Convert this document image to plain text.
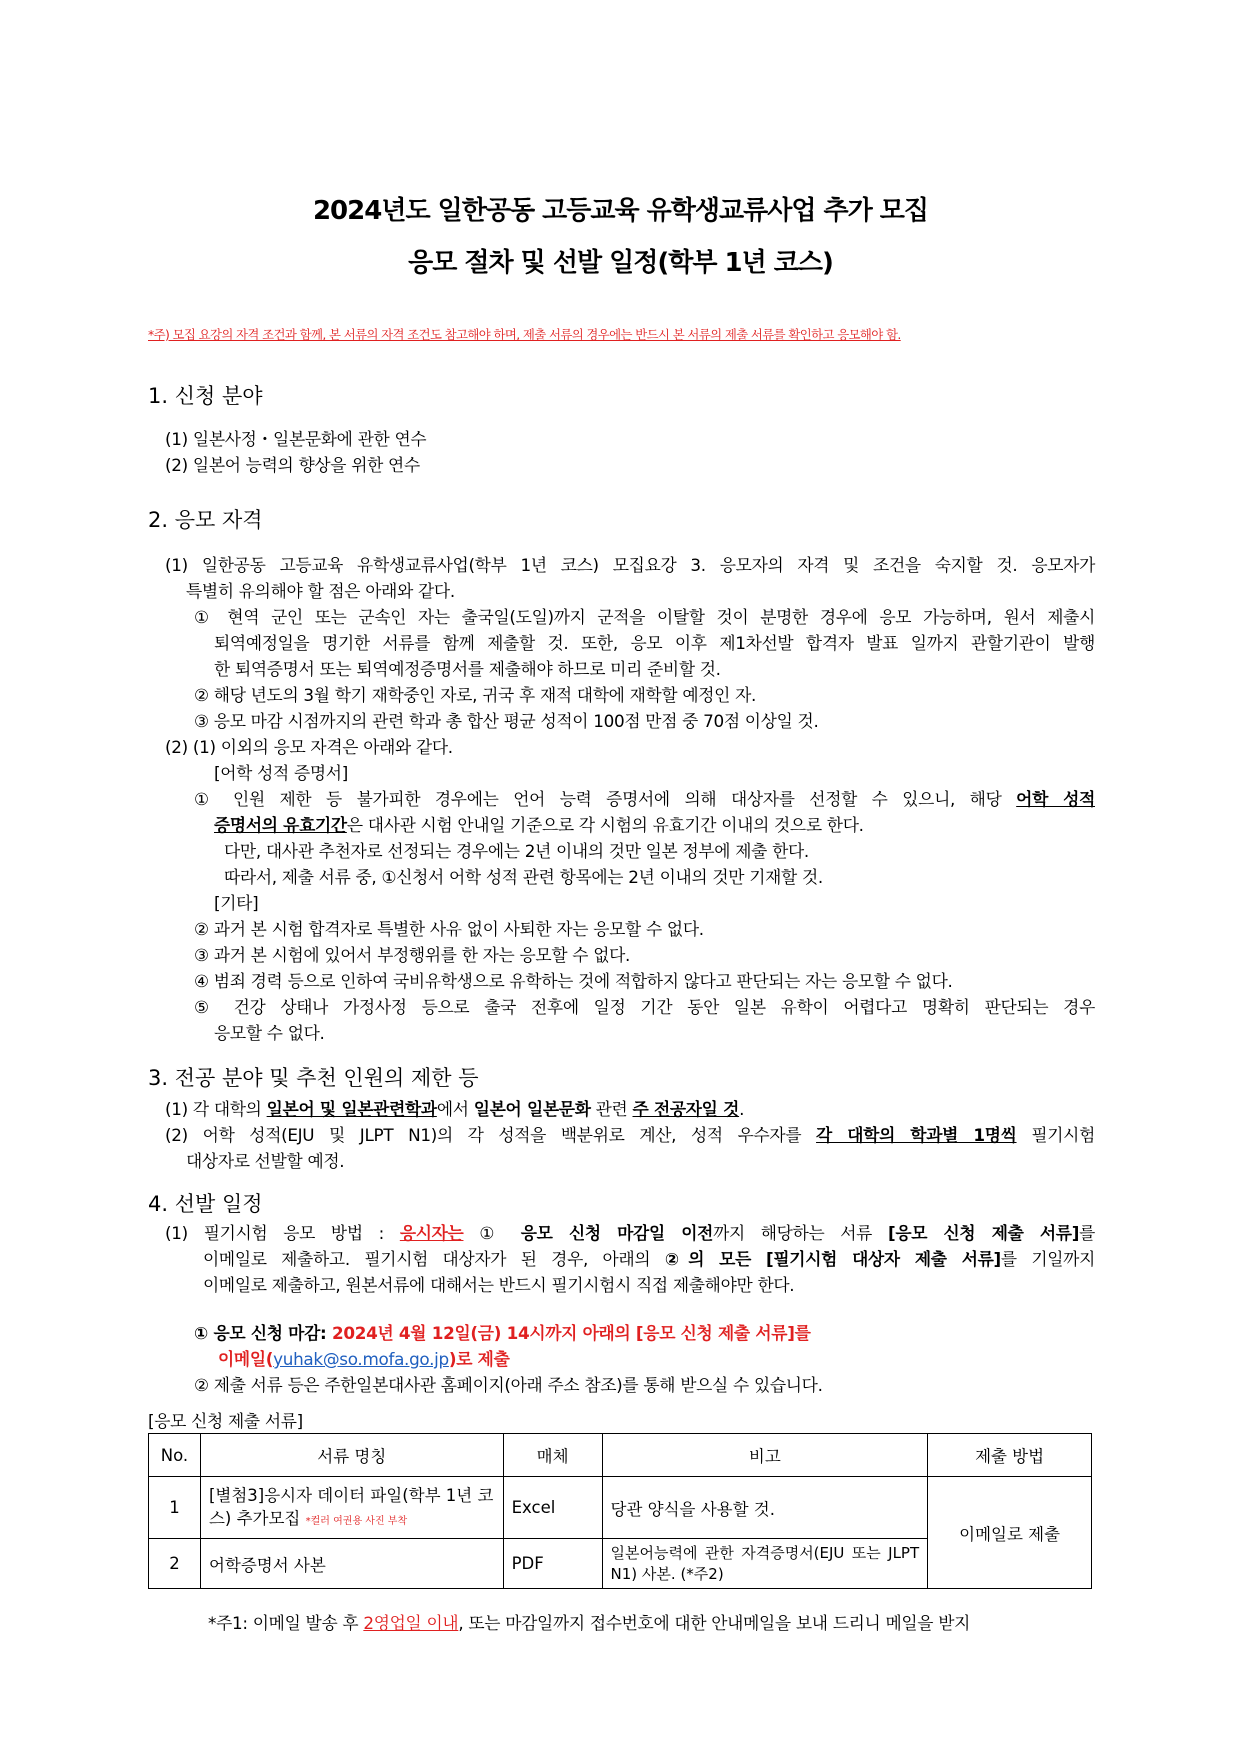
2024년도 일한공동 고등교육 유학생교류사업 추가 모집
응모 절차 및 선발 일정(학부 1년 코스)
*주) 모집 요강의 자격 조건과 함께, 본 서류의 자격 조건도 참고해야 하며, 제출 서류의 경우에는 반드시 본 서류의 제출 서류를 확인하고 응모해야 함.
1. 신청 분야
(1) 일본사정・일본문화에 관한 연수
(2) 일본어 능력의 향상을 위한 연수
2. 응모 자격
(1) 일한공동 고등교육 유학생교류사업(학부 1년 코스) 모집요강 3. 응모자의 자격 및 조건을 숙지할 것. 응모자가
특별히 유의해야 할 점은 아래와 같다.
① 현역 군인 또는 군속인 자는 출국일(도일)까지 군적을 이탈할 것이 분명한 경우에 응모 가능하며, 원서 제출시
퇴역예정일을 명기한 서류를 함께 제출할 것. 또한, 응모 이후 제1차선발 합격자 발표 일까지 관할기관이 발행
한 퇴역증명서 또는 퇴역예정증명서를 제출해야 하므로 미리 준비할 것.
② 해당 년도의 3월 학기 재학중인 자로, 귀국 후 재적 대학에 재학할 예정인 자.
③ 응모 마감 시점까지의 관련 학과 총 합산 평균 성적이 100점 만점 중 70점 이상일 것.
(2) (1) 이외의 응모 자격은 아래와 같다.
[어학 성적 증명서]
① 인원 제한 등 불가피한 경우에는 언어 능력 증명서에 의해 대상자를 선정할 수 있으니, 해당 어학 성적
증명서의 유효기간은 대사관 시험 안내일 기준으로 각 시험의 유효기간 이내의 것으로 한다.
다만, 대사관 추천자로 선정되는 경우에는 2년 이내의 것만 일본 정부에 제출 한다.
따라서, 제출 서류 중, ①신청서 어학 성적 관련 항목에는 2년 이내의 것만 기재할 것.
[기타]
② 과거 본 시험 합격자로 특별한 사유 없이 사퇴한 자는 응모할 수 없다.
③ 과거 본 시험에 있어서 부정행위를 한 자는 응모할 수 없다.
④ 범죄 경력 등으로 인하여 국비유학생으로 유학하는 것에 적합하지 않다고 판단되는 자는 응모할 수 없다.
⑤ 건강 상태나 가정사정 등으로 출국 전후에 일정 기간 동안 일본 유학이 어렵다고 명확히 판단되는 경우
응모할 수 없다.
3. 전공 분야 및 추천 인원의 제한 등
(1) 각 대학의 일본어 및 일본관련학과에서 일본어 일본문화 관련 주 전공자일 것.
(2) 어학 성적(EJU 및 JLPT N1)의 각 성적을 백분위로 계산, 성적 우수자를 각 대학의 학과별 1명씩 필기시험
대상자로 선발할 예정.
4. 선발 일정
(1) 필기시험 응모 방법 : 응시자는 ① 응모 신청 마감일 이전까지 해당하는 서류 [응모 신청 제출 서류]를
이메일로 제출하고. 필기시험 대상자가 된 경우, 아래의 ②의 모든 [필기시험 대상자 제출 서류]를 기일까지
이메일로 제출하고, 원본서류에 대해서는 반드시 필기시험시 직접 제출해야만 한다.
① 응모 신청 마감: 2024년 4월 12일(금) 14시까지 아래의 [응모 신청 제출 서류]를
이메일(yuhak@so.mofa.go.jp)로 제출
② 제출 서류 등은 주한일본대사관 홈페이지(아래 주소 참조)를 통해 받으실 수 있습니다.
[응모 신청 제출 서류]
No.	서류 명칭	매체	비고	제출 방법
1	[별첨3]응시자 데이터 파일(학부 1년 코스) 추가모집 *컬러 여권용 사진 부착	Excel	당관 양식을 사용할 것.	이메일로 제출
2	어학증명서 사본	PDF	일본어능력에 관한 자격증명서(EJU 또는 JLPT N1) 사본. (*주2)	
*주1: 이메일 발송 후 2영업일 이내, 또는 마감일까지 접수번호에 대한 안내메일을 보내 드리니 메일을 받지
